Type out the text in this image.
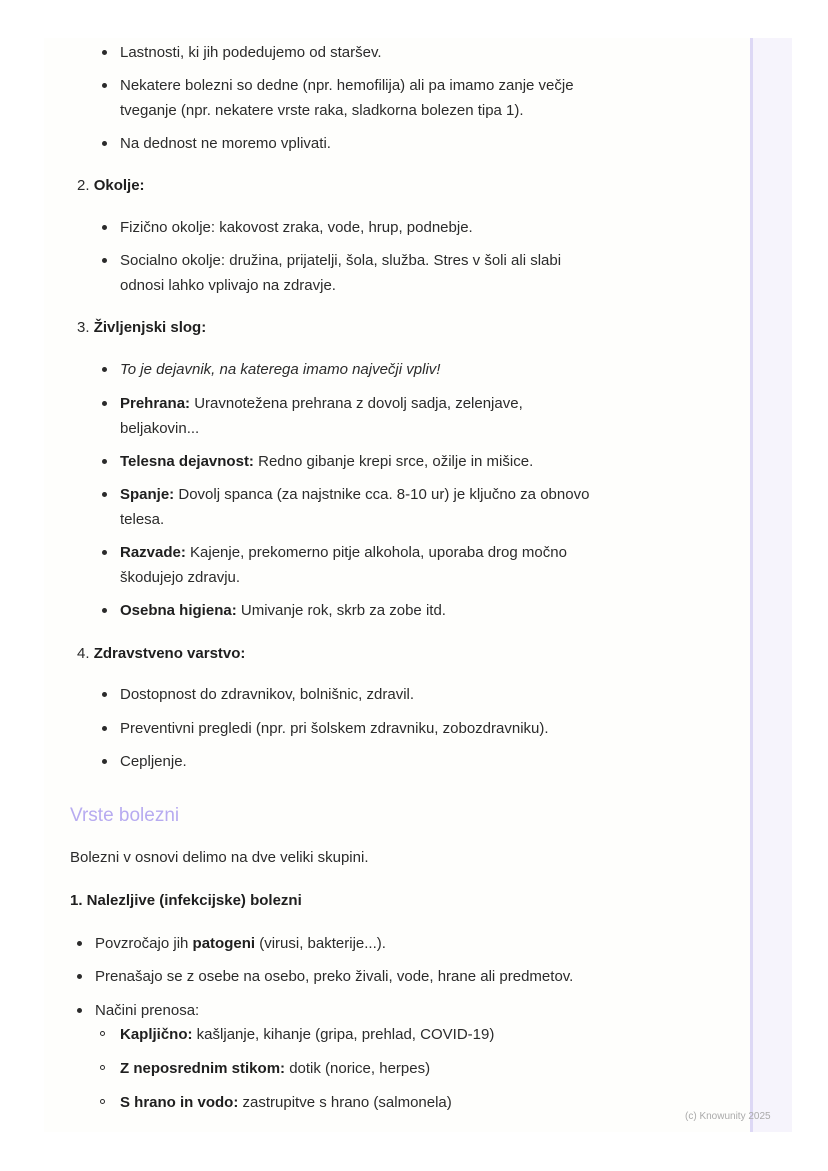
Lastnosti, ki jih podedujemo od staršev.
Nekatere bolezni so dedne (npr. hemofilija) ali pa imamo zanje večje
tveganje (npr. nekatere vrste raka, sladkorna bolezen tipa 1).
Na dednost ne moremo vplivati.
2. Okolje:
Fizično okolje: kakovost zraka, vode, hrup, podnebje.
Socialno okolje: družina, prijatelji, šola, služba. Stres v šoli ali slabi
odnosi lahko vplivajo na zdravje.
3. Življenjski slog:
To je dejavnik, na katerega imamo največji vpliv!
Prehrana: Uravnotežena prehrana z dovolj sadja, zelenjave,
beljakovin...
Telesna dejavnost: Redno gibanje krepi srce, ožilje in mišice.
Spanje: Dovolj spanca (za najstnike cca. 8-10 ur) je ključno za obnovo
telesa.
Razvade: Kajenje, prekomerno pitje alkohola, uporaba drog močno
škodujejo zdravju.
Osebna higiena: Umivanje rok, skrb za zobe itd.
4. Zdravstveno varstvo:
Dostopnost do zdravnikov, bolnišnic, zdravil.
Preventivni pregledi (npr. pri šolskem zdravniku, zobozdravniku).
Cepljenje.
Vrste bolezni
Bolezni v osnovi delimo na dve veliki skupini.
1. Nalezljive (infekcijske) bolezni
Povzročajo jih patogeni (virusi, bakterije...).
Prenašajo se z osebe na osebo, preko živali, vode, hrane ali predmetov.
Načini prenosa:
Kapljično: kašljanje, kihanje (gripa, prehlad, COVID-19)
Z neposrednim stikom: dotik (norice, herpes)
S hrano in vodo: zastrupitve s hrano (salmonela)
(c) Knowunity 2025
